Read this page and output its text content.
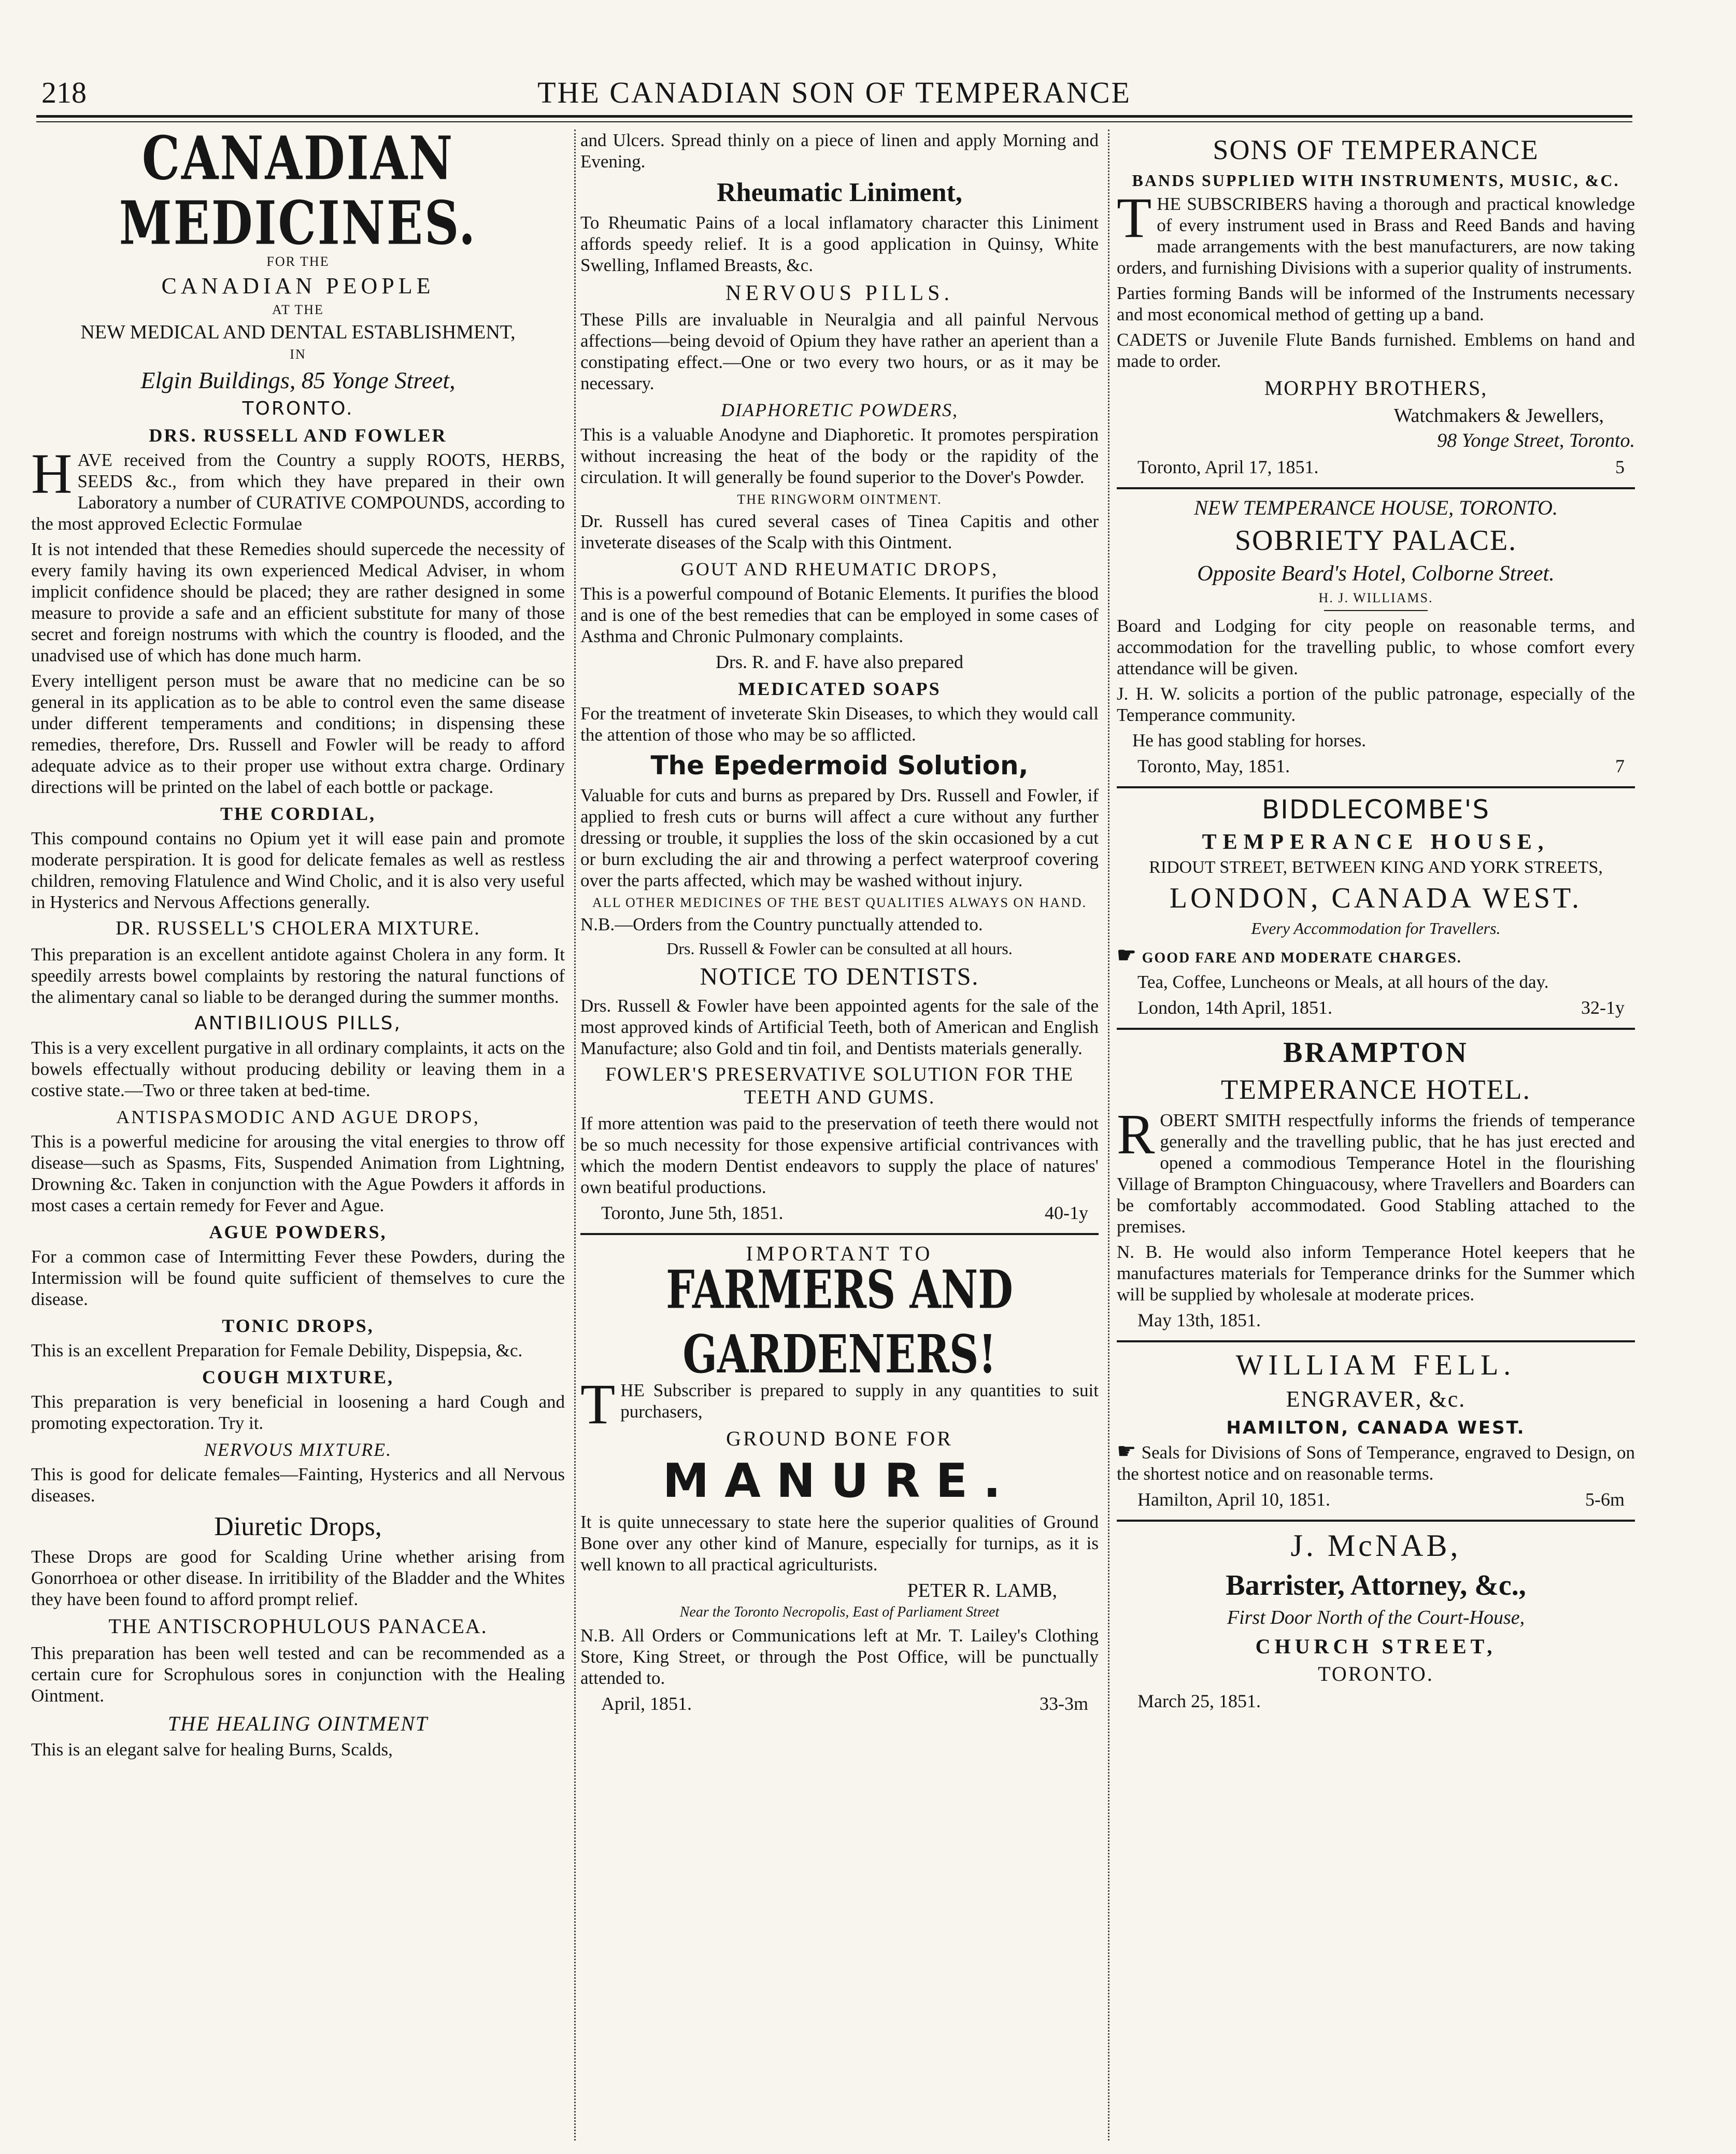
218	THE CANADIAN SON OF TEMPERANCE
CANADIAN MEDICINES.
FOR THE
CANADIAN PEOPLE
AT THE
NEW MEDICAL AND DENTAL ESTABLISHMENT,
IN
Elgin Buildings, 85 Yonge Street,
TORONTO.
DRS. RUSSELL AND FOWLER

HAVE received from the Country a supply ROOTS, HERBS, SEEDS &c., from which they have prepared in their own Laboratory a number of CURATIVE COMPOUNDS, according to the most approved Eclectic Formulae

It is not intended that these Remedies should supercede the necessity of every family having its own experienced Medical Adviser, in whom implicit confidence should be placed; they are rather designed in some measure to provide a safe and an efficient substitute for many of those secret and foreign nostrums with which the country is flooded, and the unadvised use of which has done much harm.

Every intelligent person must be aware that no medicine can be so general in its application as to be able to control even the same disease under different temperaments and conditions; in dispensing these remedies, therefore, Drs. Russell and Fowler will be ready to afford adequate advice as to their proper use without extra charge. Ordinary directions will be printed on the label of each bottle or package.

THE CORDIAL,

This compound contains no Opium yet it will ease pain and promote moderate perspiration. It is good for delicate females as well as restless children, removing Flatulence and Wind Cholic, and it is also very useful in Hysterics and Nervous Affections generally.

DR. RUSSELL'S CHOLERA MIXTURE.

This preparation is an excellent antidote against Cholera in any form. It speedily arrests bowel complaints by restoring the natural functions of the alimentary canal so liable to be deranged during the summer months.

ANTIBILIOUS PILLS,

This is a very excellent purgative in all ordinary complaints, it acts on the bowels effectually without producing debility or leaving them in a costive state.—Two or three taken at bed-time.

ANTISPASMODIC AND AGUE DROPS,

This is a powerful medicine for arousing the vital energies to throw off disease—such as Spasms, Fits, Suspended Animation from Lightning, Drowning &c. Taken in conjunction with the Ague Powders it affords in most cases a certain remedy for Fever and Ague.

AGUE POWDERS,

For a common case of Intermitting Fever these Powders, during the Intermission will be found quite sufficient of themselves to cure the disease.

TONIC DROPS,

This is an excellent Preparation for Female Debility, Dispepsia, &c.

COUGH MIXTURE,

This preparation is very beneficial in loosening a hard Cough and promoting expectoration. Try it.

NERVOUS MIXTURE.

This is good for delicate females—Fainting, Hysterics and all Nervous diseases.

Diuretic Drops,

These Drops are good for Scalding Urine whether arising from Gonorrhoea or other disease. In irritibility of the Bladder and the Whites they have been found to afford prompt relief.

THE ANTISCROPHULOUS PANACEA.

This preparation has been well tested and can be recommended as a certain cure for Scrophulous sores in conjunction with the Healing Ointment.

THE HEALING OINTMENT

This is an elegant salve for healing Burns, Scalds,

and Ulcers. Spread thinly on a piece of linen and apply Morning and Evening.

Rheumatic Liniment,

To Rheumatic Pains of a local inflamatory character this Liniment affords speedy relief. It is a good application in Quinsy, White Swelling, Inflamed Breasts, &c.

NERVOUS PILLS.

These Pills are invaluable in Neuralgia and all painful Nervous affections—being devoid of Opium they have rather an aperient than a constipating effect.—One or two every two hours, or as it may be necessary.

DIAPHORETIC POWDERS,

This is a valuable Anodyne and Diaphoretic. It promotes perspiration without increasing the heat of the body or the rapidity of the circulation. It will generally be found superior to the Dover's Powder.

THE RINGWORM OINTMENT.

Dr. Russell has cured several cases of Tinea Capitis and other inveterate diseases of the Scalp with this Ointment.

GOUT AND RHEUMATIC DROPS,

This is a powerful compound of Botanic Elements. It purifies the blood and is one of the best remedies that can be employed in some cases of Asthma and Chronic Pulmonary complaints.

Drs. R. and F. have also prepared
MEDICATED SOAPS

For the treatment of inveterate Skin Diseases, to which they would call the attention of those who may be so afflicted.

The Epedermoid Solution,

Valuable for cuts and burns as prepared by Drs. Russell and Fowler, if applied to fresh cuts or burns will affect a cure without any further dressing or trouble, it supplies the loss of the skin occasioned by a cut or burn excluding the air and throwing a perfect waterproof covering over the parts affected, which may be washed without injury.

ALL OTHER MEDICINES OF THE BEST QUALITIES ALWAYS ON HAND.

N.B.—Orders from the Country punctually attended to.

Drs. Russell & Fowler can be consulted at all hours.
NOTICE TO DENTISTS.

Drs. Russell & Fowler have been appointed agents for the sale of the most approved kinds of Artificial Teeth, both of American and English Manufacture; also Gold and tin foil, and Dentists materials generally.

FOWLER'S PRESERVATIVE SOLUTION FOR THE TEETH AND GUMS.

If more attention was paid to the preservation of teeth there would not be so much necessity for those expensive artificial contrivances with which the modern Dentist endeavors to supply the place of natures' own beatiful productions.

Toronto, June 5th, 1851.	40-1y
IMPORTANT TO
FARMERS AND GARDENERS!

THE Subscriber is prepared to supply in any quantities to suit purchasers,

GROUND BONE FOR
MANURE.

It is quite unnecessary to state here the superior qualities of Ground Bone over any other kind of Manure, especially for turnips, as it is well known to all practical agriculturists.

PETER R. LAMB,
Near the Toronto Necropolis, East of Parliament Street

N.B. All Orders or Communications left at Mr. T. Lailey's Clothing Store, King Street, or through the Post Office, will be punctually attended to.

April, 1851.	33-3m
SONS OF TEMPERANCE
BANDS SUPPLIED WITH INSTRUMENTS, MUSIC, &C.

THE SUBSCRIBERS having a thorough and practical knowledge of every instrument used in Brass and Reed Bands and having made arrangements with the best manufacturers, are now taking orders, and furnishing Divisions with a superior quality of instruments.

Parties forming Bands will be informed of the Instruments necessary and most economical method of getting up a band.

CADETS or Juvenile Flute Bands furnished. Emblems on hand and made to order.

MORPHY BROTHERS,
Watchmakers & Jewellers,
98 Yonge Street, Toronto.
Toronto, April 17, 1851.	5
NEW TEMPERANCE HOUSE, TORONTO.
SOBRIETY PALACE.
Opposite Beard's Hotel, Colborne Street.
H. J. WILLIAMS.

Board and Lodging for city people on reasonable terms, and accommodation for the travelling public, to whose comfort every attendance will be given.

J. H. W. solicits a portion of the public patronage, especially of the Temperance community.

He has good stabling for horses.

Toronto, May, 1851.	7
BIDDLECOMBE'S
TEMPERANCE HOUSE,
RIDOUT STREET, BETWEEN KING AND YORK STREETS,
LONDON, CANADA WEST.
Every Accommodation for Travellers.
☛ GOOD FARE AND MODERATE CHARGES.

Tea, Coffee, Luncheons or Meals, at all hours of the day.

London, 14th April, 1851.	32-1y
BRAMPTON
TEMPERANCE HOTEL.

ROBERT SMITH respectfully informs the friends of temperance generally and the travelling public, that he has just erected and opened a commodious Temperance Hotel in the flourishing Village of Brampton Chinguacousy, where Travellers and Boarders can be comfortably accommodated. Good Stabling attached to the premises.

N. B. He would also inform Temperance Hotel keepers that he manufactures materials for Temperance drinks for the Summer which will be supplied by wholesale at moderate prices.

May 13th, 1851.
WILLIAM FELL.
ENGRAVER, &c.
HAMILTON, CANADA WEST.

☛ Seals for Divisions of Sons of Temperance, engraved to Design, on the shortest notice and on reasonable terms.

Hamilton, April 10, 1851.	5-6m
J. McNAB,
Barrister, Attorney, &c.,
First Door North of the Court-House,
CHURCH STREET,
TORONTO.
March 25, 1851.
